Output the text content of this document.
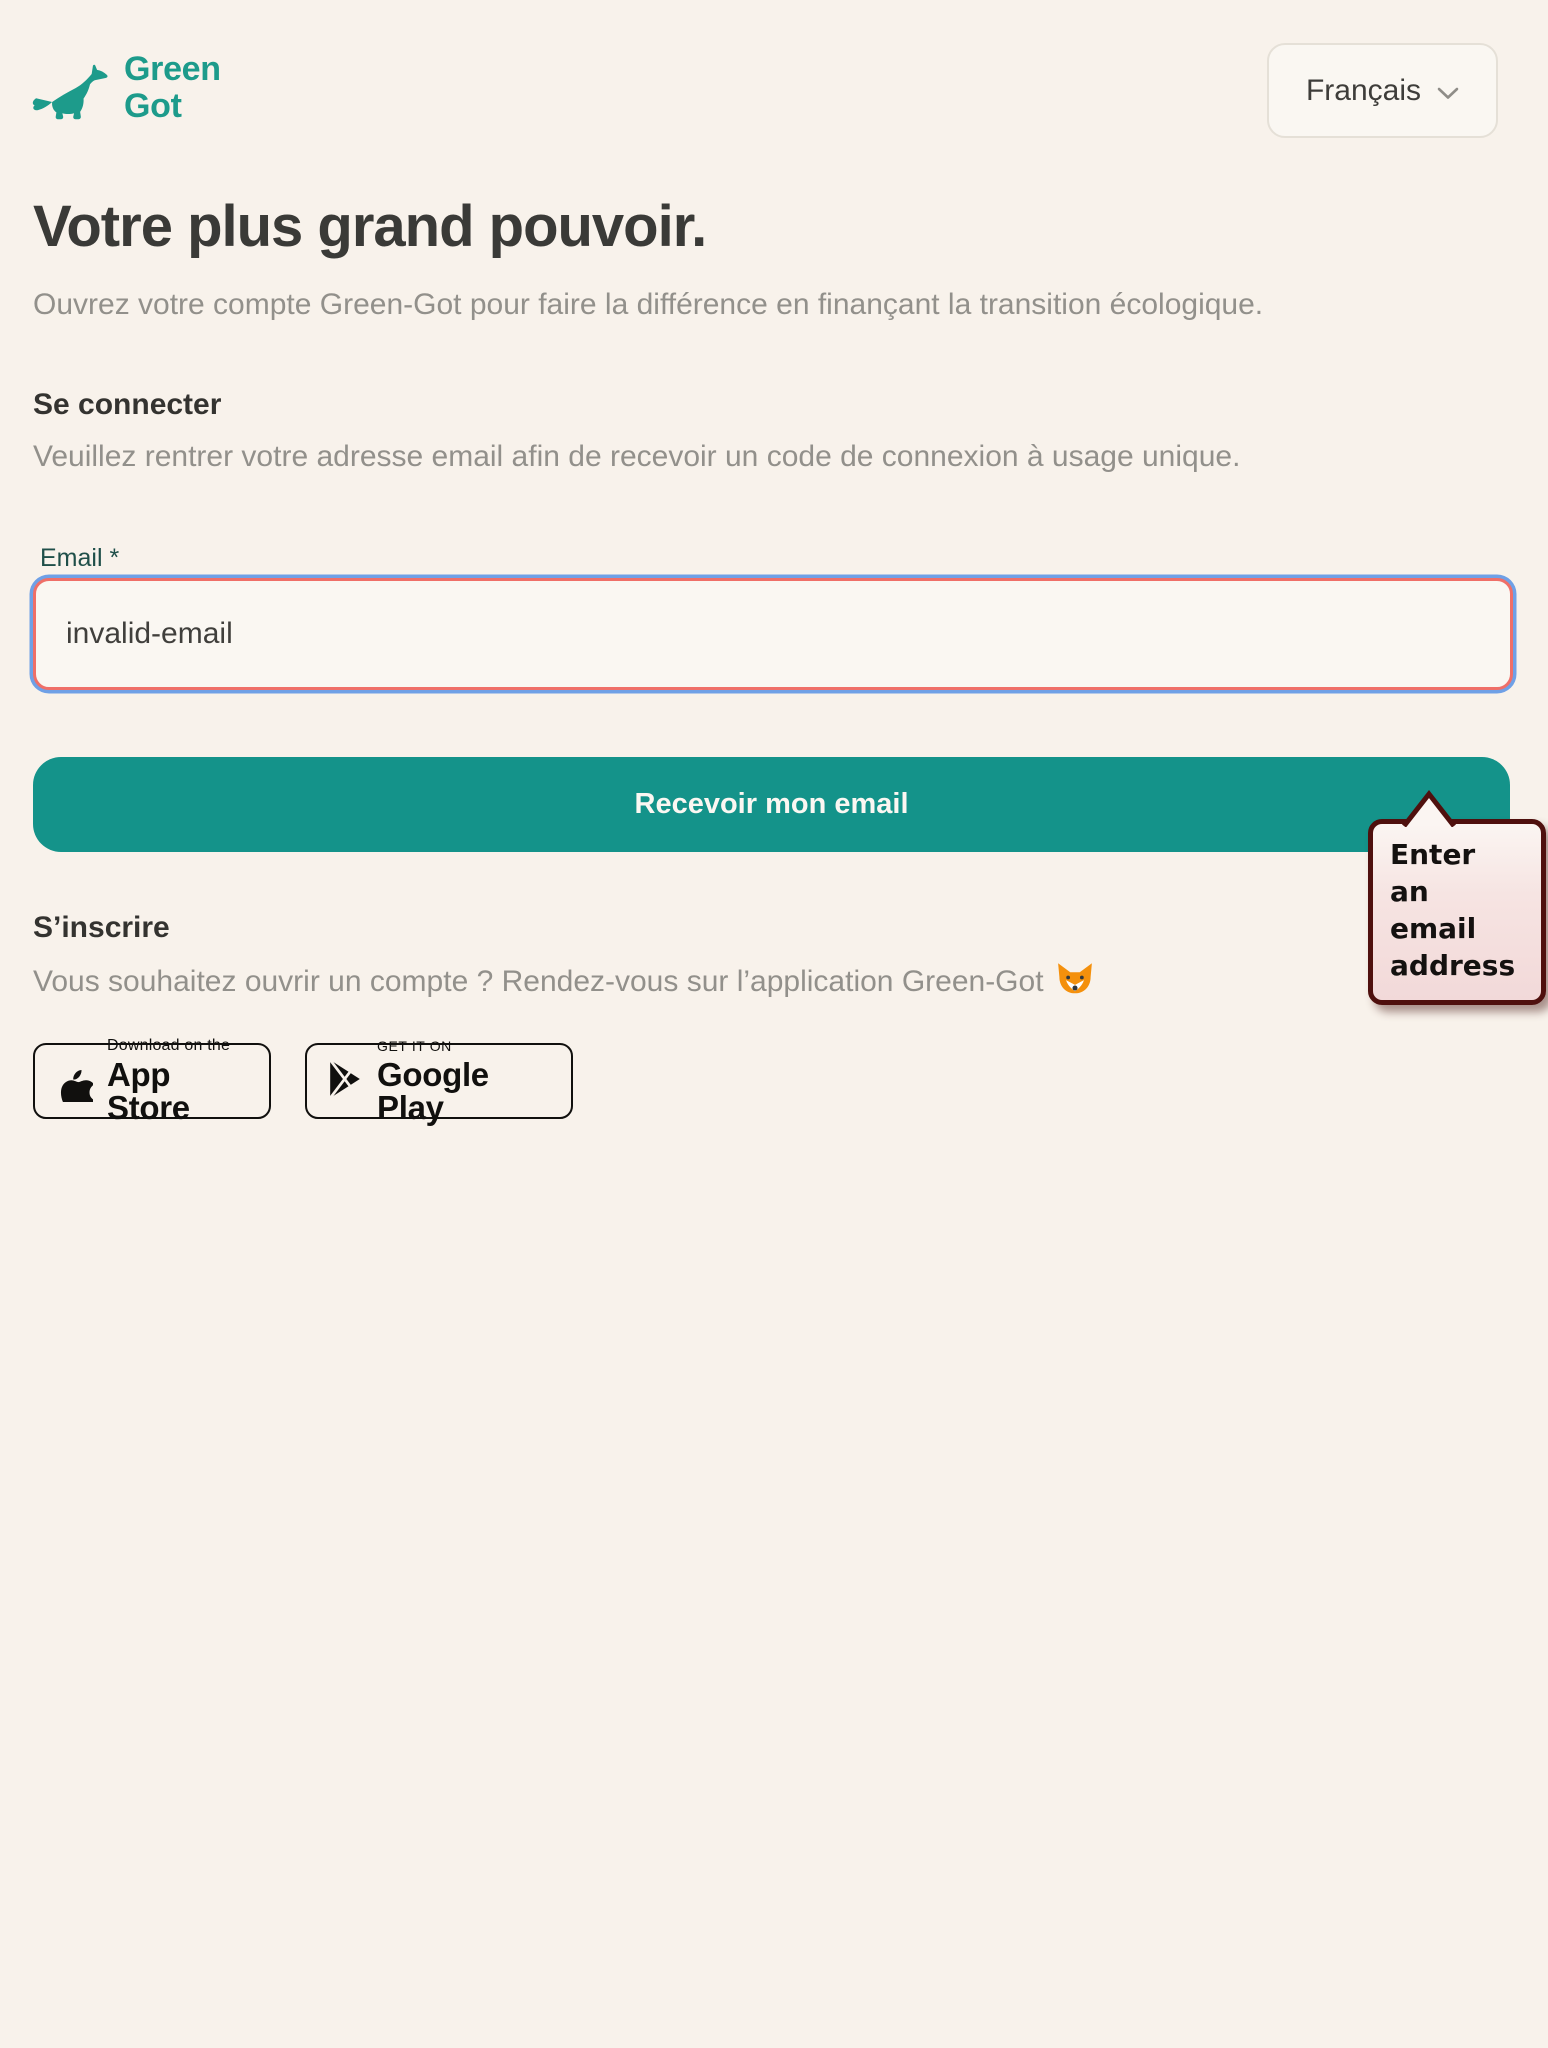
Green
Got	Français
Votre plus grand pouvoir.
Ouvrez votre compte Green-Got pour faire la différence en finançant la transition écologique.
Se connecter
Veuillez rentrer votre adresse email afin de recevoir un code de connexion à usage unique.
Email *
invalid-email
Recevoir mon email
Enter an email address
S’inscrire
Vous souhaitez ouvrir un compte ? Rendez-vous sur l’application Green-Got
Download on the
App Store
GET IT ON
Google Play
